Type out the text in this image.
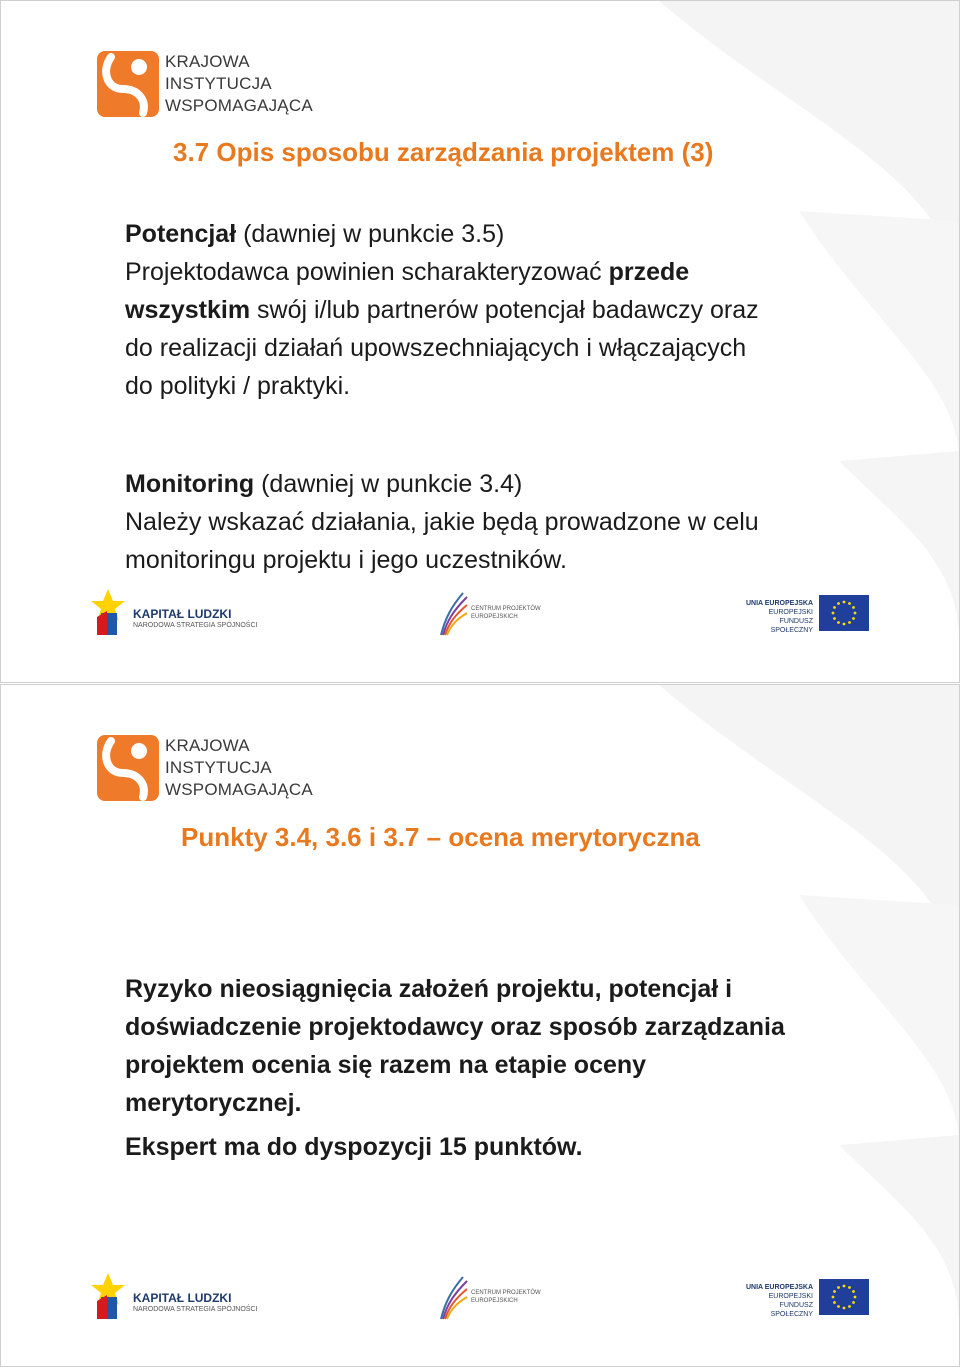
KRAJOWA
INSTYTUCJA
WSPOMAGAJĄCA
3.7 Opis sposobu zarządzania projektem (3)
Potencjał (dawniej w punkcie 3.5)
Projektodawca powinien scharakteryzować przede
wszystkim swój i/lub partnerów potencjał badawczy oraz
do realizacji działań upowszechniających i włączających
do polityki / praktyki.
Monitoring (dawniej w punkcie 3.4)
Należy wskazać działania, jakie będą prowadzone w celu
monitoringu projektu i jego uczestników.
KAPITAŁ LUDZKI
NARODOWA STRATEGIA SPÓJNOŚCI
CENTRUM PROJEKTÓW
EUROPEJSKICH
UNIA EUROPEJSKA
EUROPEJSKI
FUNDUSZ SPOŁECZNY
KRAJOWA
INSTYTUCJA
WSPOMAGAJĄCA
Punkty 3.4, 3.6 i 3.7 – ocena merytoryczna
Ryzyko nieosiągnięcia założeń projektu, potencjał i
doświadczenie projektodawcy oraz sposób zarządzania
projektem ocenia się razem na etapie oceny
merytorycznej.
Ekspert ma do dyspozycji 15 punktów.
KAPITAŁ LUDZKI
NARODOWA STRATEGIA SPÓJNOŚCI
CENTRUM PROJEKTÓW
EUROPEJSKICH
UNIA EUROPEJSKA
EUROPEJSKI
FUNDUSZ SPOŁECZNY
